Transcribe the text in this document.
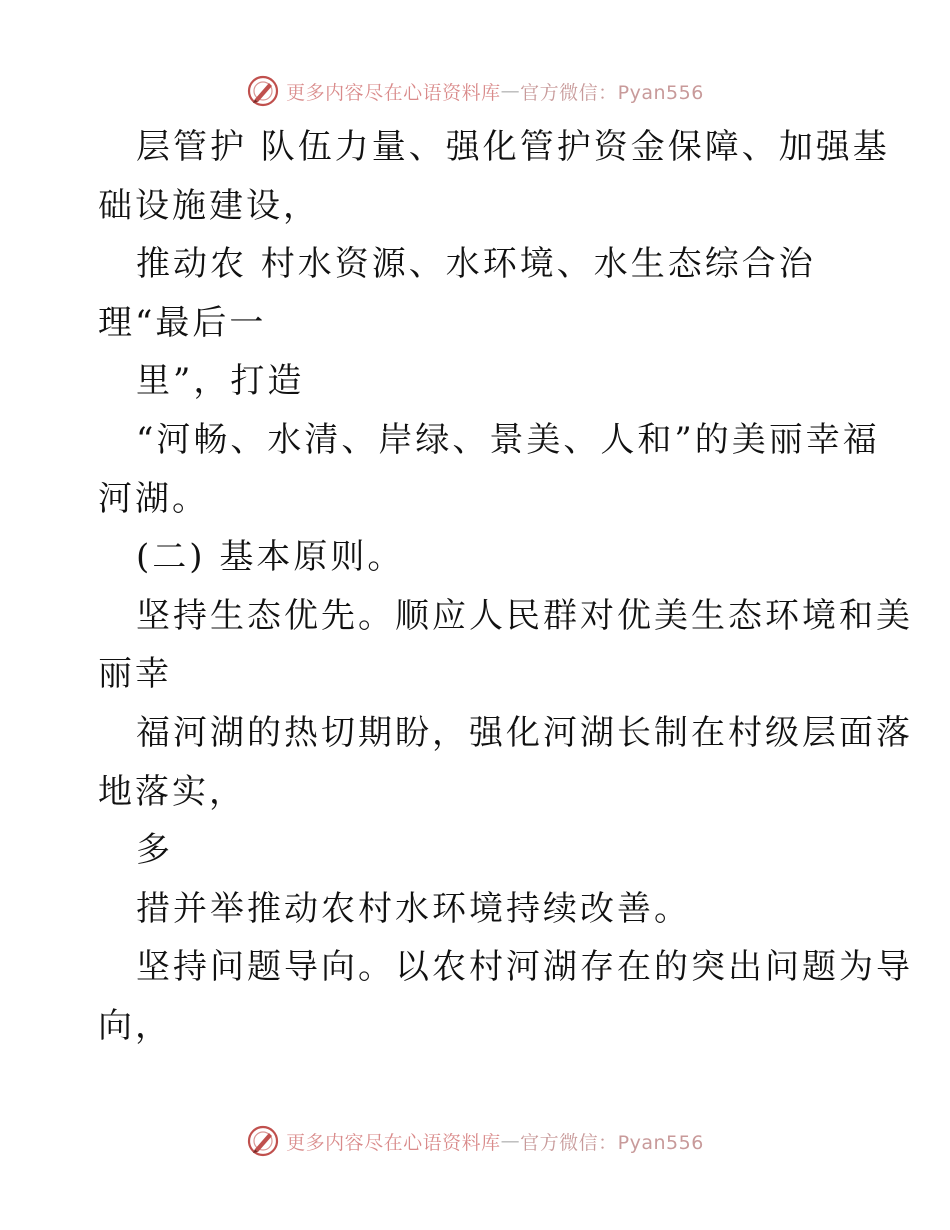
更多内容尽在心语资料库 — 官方微信：Pyan556
层管护 队伍力量、强化管护资金保障、加强基
础设施建设，
推动农 村水资源、水环境、水生态综合治
理“最后一
里”，打造
“河畅、水清、岸绿、景美、人和”的美丽幸福
河湖。
(二) 基本原则。
坚持生态优先。顺应人民群对优美生态环境和美
丽幸
福河湖的热切期盼，强化河湖长制在村级层面落
地落实，
多
措并举推动农村水环境持续改善。
坚持问题导向。以农村河湖存在的突出问题为导
向，
更多内容尽在心语资料库 — 官方微信：Pyan556
